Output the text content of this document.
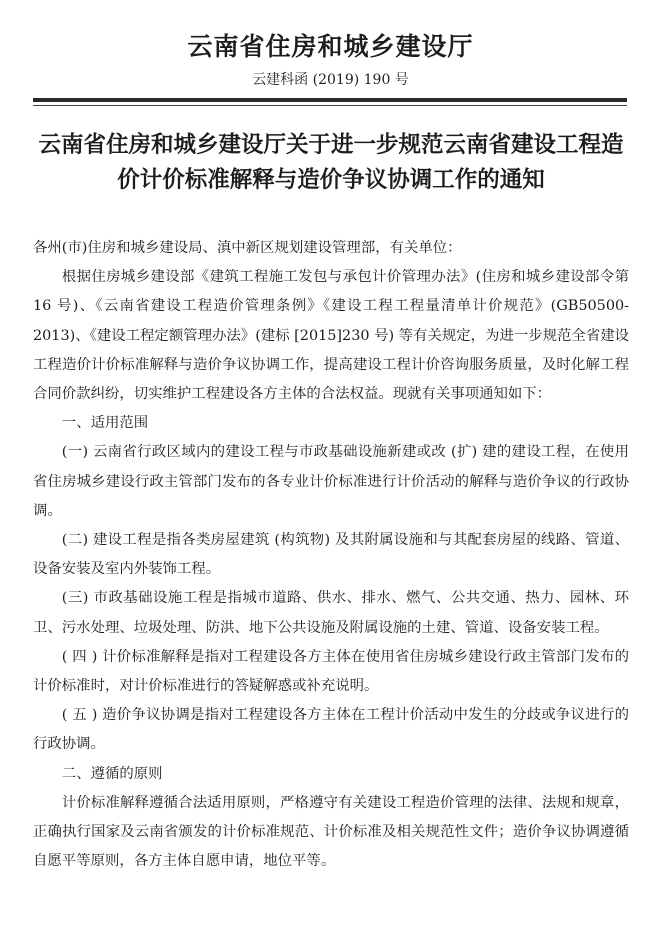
云南省住房和城乡建设厅
云建科函 (2019) 190 号
云南省住房和城乡建设厅关于进一步规范云南省建设工程造价计价标准解释与造价争议协调工作的通知

各州(市)住房和城乡建设局、滇中新区规划建设管理部，有关单位：

根据住房城乡建设部《建筑工程施工发包与承包计价管理办法》(住房和城乡建设部令第 16 号)、《云南省建设工程造价管理条例》《建设工程工程量清单计价规范》(GB50500-2013)、《建设工程定额管理办法》(建标 [2015]230 号) 等有关规定，为进一步规范全省建设工程造价计价标准解释与造价争议协调工作，提高建设工程计价咨询服务质量，及时化解工程合同价款纠纷，切实维护工程建设各方主体的合法权益。现就有关事项通知如下：

一、适用范围

(一) 云南省行政区域内的建设工程与市政基础设施新建或改 (扩) 建的建设工程，在使用省住房城乡建设行政主管部门发布的各专业计价标准进行计价活动的解释与造价争议的行政协调。

(二) 建设工程是指各类房屋建筑 (构筑物) 及其附属设施和与其配套房屋的线路、管道、设备安装及室内外装饰工程。

(三) 市政基础设施工程是指城市道路、供水、排水、燃气、公共交通、热力、园林、环卫、污水处理、垃圾处理、防洪、地下公共设施及附属设施的土建、管道、设备安装工程。

( 四 ) 计价标准解释是指对工程建设各方主体在使用省住房城乡建设行政主管部门发布的计价标准时，对计价标准进行的答疑解惑或补充说明。

( 五 ) 造价争议协调是指对工程建设各方主体在工程计价活动中发生的分歧或争议进行的行政协调。

二、遵循的原则

计价标准解释遵循合法适用原则，严格遵守有关建设工程造价管理的法律、法规和规章，正确执行国家及云南省颁发的计价标准规范、计价标准及相关规范性文件；造价争议协调遵循自愿平等原则，各方主体自愿申请，地位平等。
